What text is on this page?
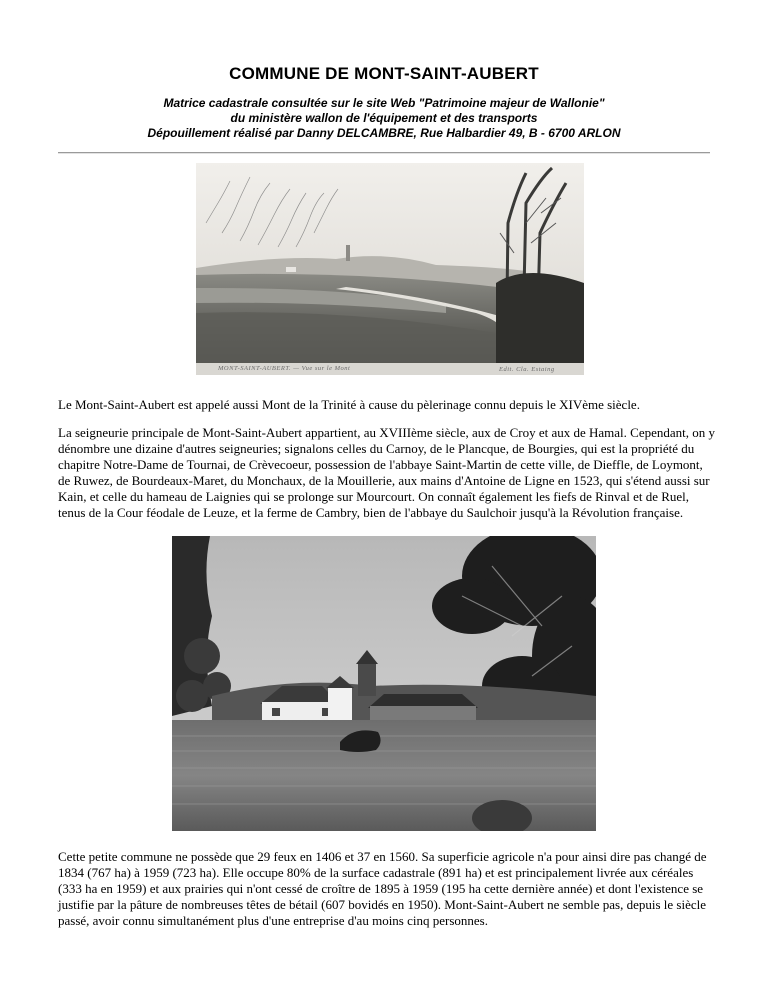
COMMUNE DE MONT-SAINT-AUBERT
Matrice cadastrale consultée sur le site Web "Patrimoine majeur de Wallonie"
du ministère wallon de l'équipement et des transports
Dépouillement réalisé par Danny DELCAMBRE, Rue Halbardier 49, B - 6700 ARLON
MONT-SAINT-AUBERT. — Vue sur le Mont	Edit. Cla. Estaing
Le Mont-Saint-Aubert est appelé aussi Mont de la Trinité à cause du pèlerinage connu depuis le XIVème siècle.
La seigneurie principale de Mont-Saint-Aubert appartient, au XVIIIème siècle, aux de Croy et aux de Hamal. Cependant, on y dénombre une dizaine d'autres seigneuries; signalons celles du Carnoy, de le Plancque, de Bourgies, qui est la propriété du chapitre Notre-Dame de Tournai, de Crèvecoeur, possession de l'abbaye Saint-Martin de cette ville, de Dieffle, de Loymont, de Ruwez, de Bourdeaux-Maret, du Monchaux, de la Mouillerie, aux mains d'Antoine de Ligne en 1523, qui s'étend aussi sur Kain, et celle du hameau de Laignies qui se prolonge sur Mourcourt. On connaît également les fiefs de Rinval et de Ruel, tenus de la Cour féodale de Leuze, et la ferme de Cambry, bien de l'abbaye du Saulchoir jusqu'à la Révolution française.
Cette petite commune ne possède que 29 feux en 1406 et 37 en 1560. Sa superficie agricole n'a pour ainsi dire pas changé de 1834 (767 ha) à 1959 (723 ha). Elle occupe 80% de la surface cadastrale (891 ha) et est principalement livrée aux céréales (333 ha en 1959) et aux prairies qui n'ont cessé de croître de 1895 à 1959 (195 ha cette dernière année) et dont l'existence se justifie par la pâture de nombreuses têtes de bétail (607 bovidés en 1950). Mont-Saint-Aubert ne semble pas, depuis le siècle passé, avoir connu simultanément plus d'une entreprise d'au moins cinq personnes.
